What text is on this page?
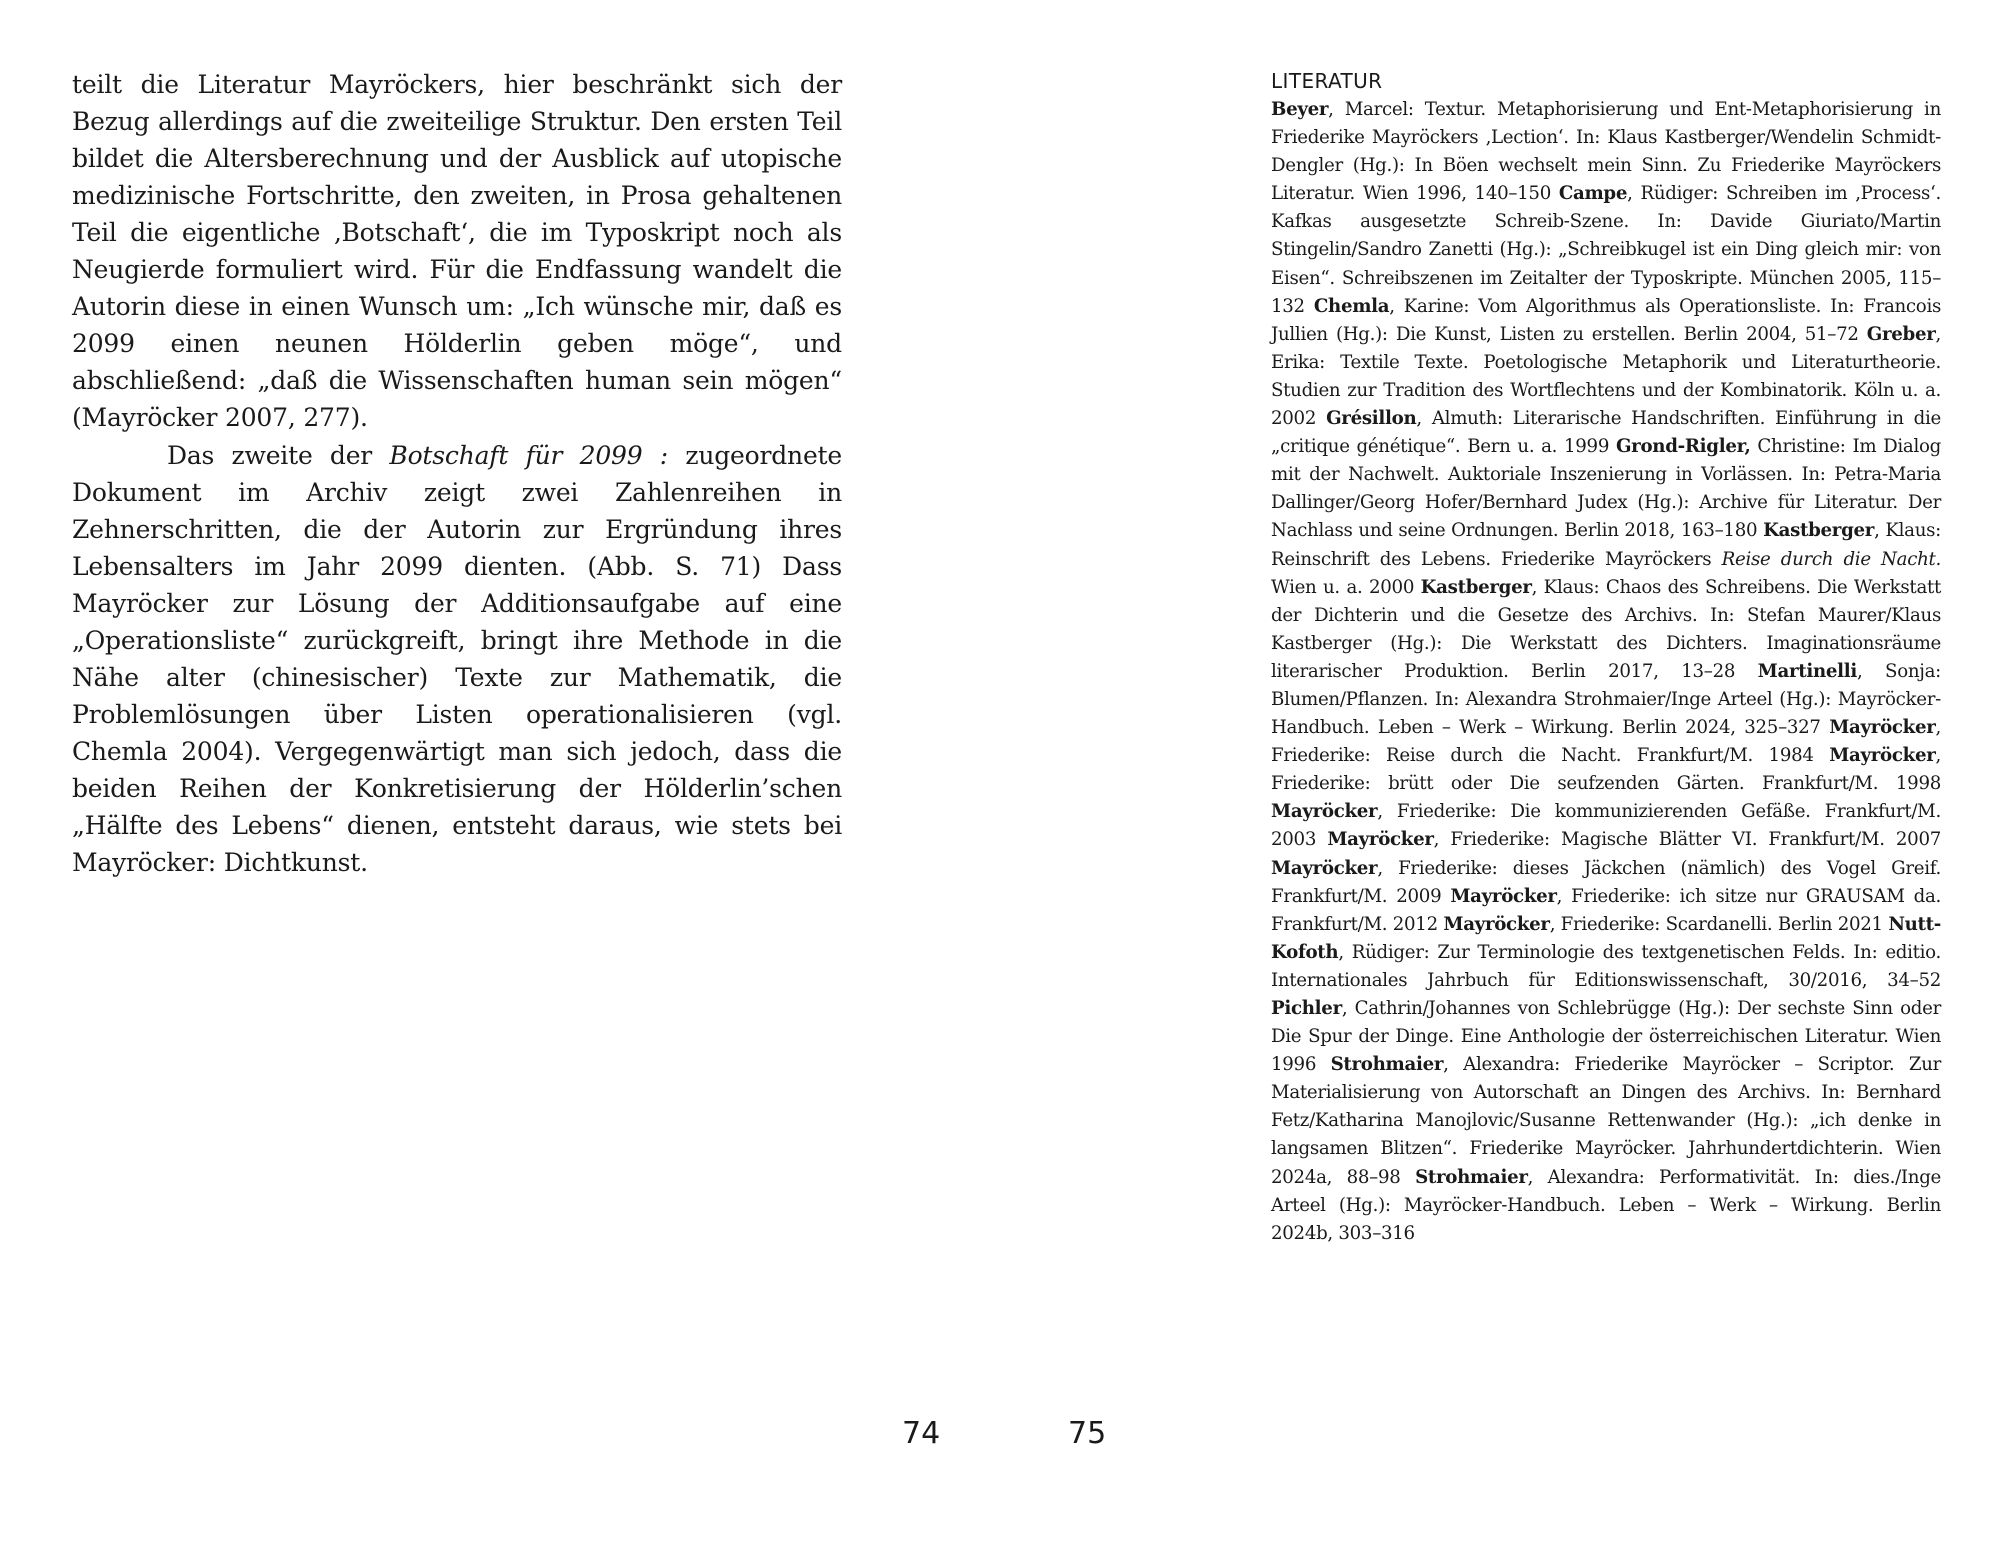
teilt die Literatur Mayröckers, hier beschränkt sich der Bezug allerdings auf die zweiteilige Struktur. Den ersten Teil bildet die Altersberechnung und der Ausblick auf utopische medizinische Fortschritte, den zweiten, in Prosa gehaltenen Teil die eigentliche ‚Botschaft‘, die im Typoskript noch als Neugierde formuliert wird. Für die Endfassung wandelt die Autorin diese in einen Wunsch um: „Ich wünsche mir, daß es 2099 einen neunen Hölderlin geben möge“, und abschließend: „daß die Wissenschaften human sein mögen“ (Mayröcker 2007, 277).

Das zweite der Botschaft für 2099 : zugeordnete Dokument im Archiv zeigt zwei Zahlenreihen in Zehnerschritten, die der Autorin zur Ergründung ihres Lebensalters im Jahr 2099 dienten. (Abb. S. 71) Dass Mayröcker zur Lösung der Additionsaufgabe auf eine „Operationsliste“ zurückgreift, bringt ihre Methode in die Nähe alter (chinesischer) Texte zur Mathematik, die Problemlösungen über Listen operationalisieren (vgl. Chemla 2004). Vergegenwärtigt man sich jedoch, dass die beiden Reihen der Konkretisierung der Hölderlin’schen „Hälfte des Lebens“ dienen, entsteht daraus, wie stets bei Mayröcker: Dichtkunst.

74
LITERATUR
Beyer, Marcel: Textur. Metaphorisierung und Ent-Metaphorisierung in Friederike Mayröckers ‚Lection‘. In: Klaus Kastberger/Wendelin Schmidt-Dengler (Hg.): In Böen wechselt mein Sinn. Zu Friederike Mayröckers Literatur. Wien 1996, 140–150 Campe, Rüdiger: Schreiben im ‚Process‘. Kafkas ausgesetzte Schreib-Szene. In: Davide Giuriato/Martin Stingelin/Sandro Zanetti (Hg.): „Schreibkugel ist ein Ding gleich mir: von Eisen“. Schreibszenen im Zeitalter der Typoskripte. München 2005, 115–132 Chemla, Karine: Vom Algorithmus als Operationsliste. In: Francois Jullien (Hg.): Die Kunst, Listen zu erstellen. Berlin 2004, 51–72 Greber, Erika: Textile Texte. Poetologische Metaphorik und Literaturtheorie. Studien zur Tradition des Wortflechtens und der Kombinatorik. Köln u. a. 2002 Grésillon, Almuth: Literarische Handschriften. Einführung in die „critique génétique“. Bern u. a. 1999 Grond-Rigler, Christine: Im Dialog mit der Nachwelt. Auktoriale Inszenierung in Vorlässen. In: Petra-Maria Dallinger/Georg Hofer/Bernhard Judex (Hg.): Archive für Literatur. Der Nachlass und seine Ordnungen. Berlin 2018, 163–180 Kastberger, Klaus: Reinschrift des Lebens. Friederike Mayröckers Reise durch die Nacht. Wien u. a. 2000 Kastberger, Klaus: Chaos des Schreibens. Die Werkstatt der Dichterin und die Gesetze des Archivs. In: Stefan Maurer/Klaus Kastberger (Hg.): Die Werkstatt des Dichters. Imaginationsräume literarischer Produktion. Berlin 2017, 13–28 Martinelli, Sonja: Blumen/Pflanzen. In: Alexandra Strohmaier/Inge Arteel (Hg.): Mayröcker-Handbuch. Leben – Werk – Wirkung. Berlin 2024, 325–327 Mayröcker, Friederike: Reise durch die Nacht. Frankfurt/M. 1984 Mayröcker, Friederike: brütt oder Die seufzenden Gärten. Frankfurt/M. 1998 Mayröcker, Friederike: Die kommunizierenden Gefäße. Frankfurt/M. 2003 Mayröcker, Friederike: Magische Blätter VI. Frankfurt/M. 2007 Mayröcker, Friederike: dieses Jäckchen (nämlich) des Vogel Greif. Frankfurt/M. 2009 Mayröcker, Friederike: ich sitze nur GRAUSAM da. Frankfurt/M. 2012 Mayröcker, Friederike: Scardanelli. Berlin 2021 Nutt-Kofoth, Rüdiger: Zur Terminologie des textgenetischen Felds. In: editio. Internationales Jahrbuch für Editionswissenschaft, 30/2016, 34–52 Pichler, Cathrin/Johannes von Schlebrügge (Hg.): Der sechste Sinn oder Die Spur der Dinge. Eine Anthologie der österreichischen Literatur. Wien 1996 Strohmaier, Alexandra: Friederike Mayröcker – Scriptor. Zur Materialisierung von Autorschaft an Dingen des Archivs. In: Bernhard Fetz/Katharina Manojlovic/Susanne Rettenwander (Hg.): „ich denke in langsamen Blitzen“. Friederike Mayröcker. Jahrhundertdichterin. Wien 2024a, 88–98 Strohmaier, Alexandra: Performativität. In: dies./Inge Arteel (Hg.): Mayröcker-Handbuch. Leben – Werk – Wirkung. Berlin 2024b, 303–316
75
